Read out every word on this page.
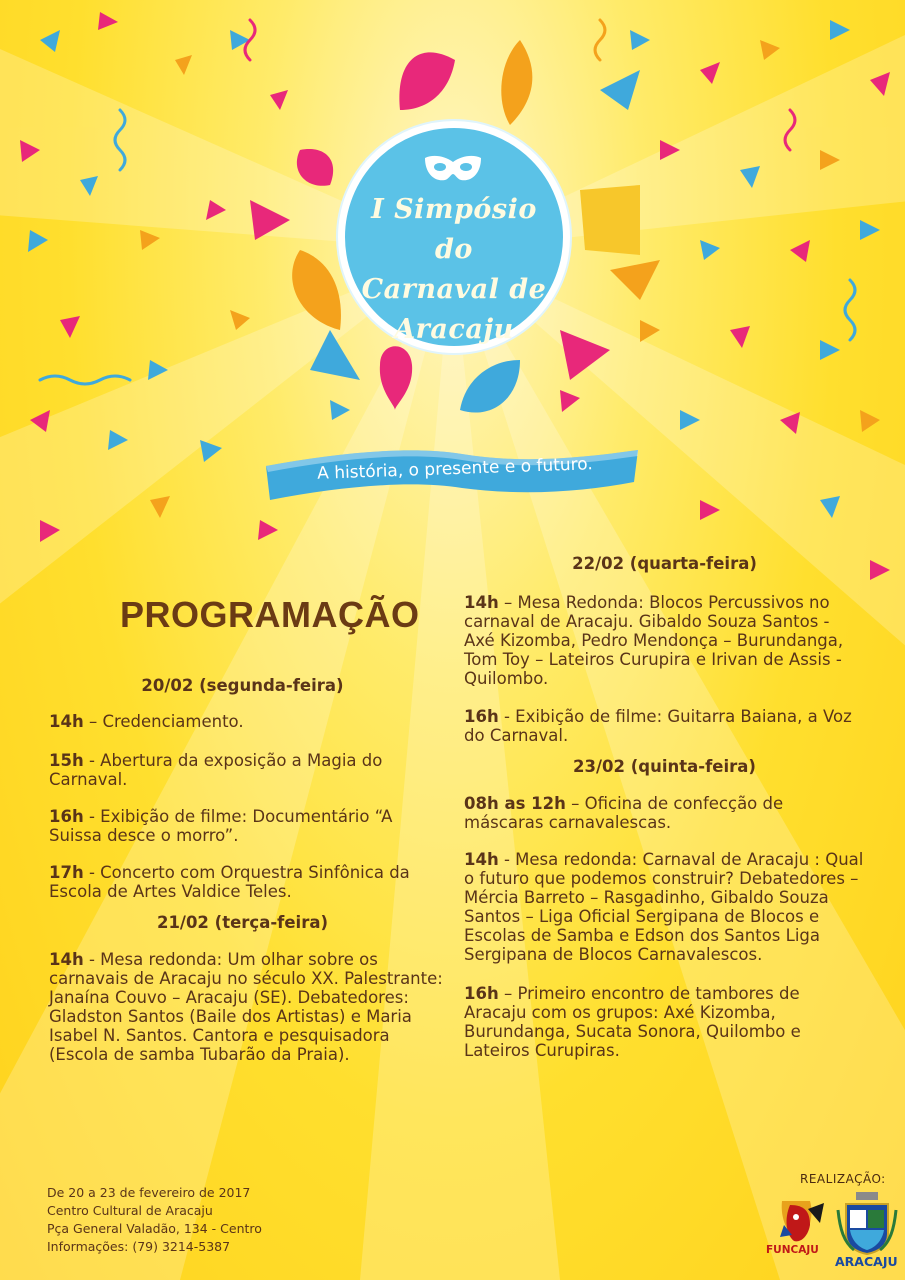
I Simpósio do
Carnaval de
Aracaju

A história, o presente e o futuro.

PROGRAMAÇÃO

20/02 (segunda-feira)

14h – Credenciamento.

15h - Abertura da exposição a Magia do Carnaval.

16h - Exibição de filme: Documentário “A Suissa desce o morro”.

17h - Concerto com Orquestra Sinfônica da Escola de Artes Valdice Teles.

21/02 (terça-feira)

14h - Mesa redonda: Um olhar sobre os carnavais de Aracaju no século XX. Palestrante: Janaína Couvo – Aracaju (SE). Debatedores: Gladston Santos (Baile dos Artistas) e Maria Isabel N. Santos. Cantora e pesquisadora (Escola de samba Tubarão da Praia).

22/02 (quarta-feira)

14h – Mesa Redonda: Blocos Percussivos no carnaval de Aracaju. Gibaldo Souza Santos - Axé Kizomba, Pedro Mendonça – Burundanga, Tom Toy – Lateiros Curupira e Irivan de Assis - Quilombo.

16h - Exibição de filme: Guitarra Baiana, a Voz do Carnaval.

23/02 (quinta-feira)

08h as 12h – Oficina de confecção de máscaras carnavalescas.

14h - Mesa redonda: Carnaval de Aracaju : Qual o futuro que podemos construir? Debatedores – Mércia Barreto – Rasgadinho, Gibaldo Souza Santos – Liga Oficial Sergipana de Blocos e Escolas de Samba e Edson dos Santos Liga Sergipana de Blocos Carnavalescos.

16h – Primeiro encontro de tambores de Aracaju com os grupos: Axé Kizomba, Burundanga, Sucata Sonora, Quilombo e Lateiros Curupiras.

De 20 a 23 de fevereiro de 2017
Centro Cultural de Aracaju
Pça General Valadão, 134 - Centro
Informações: (79) 3214-5387
REALIZAÇÃO:
FUNCAJU
ARACAJU
